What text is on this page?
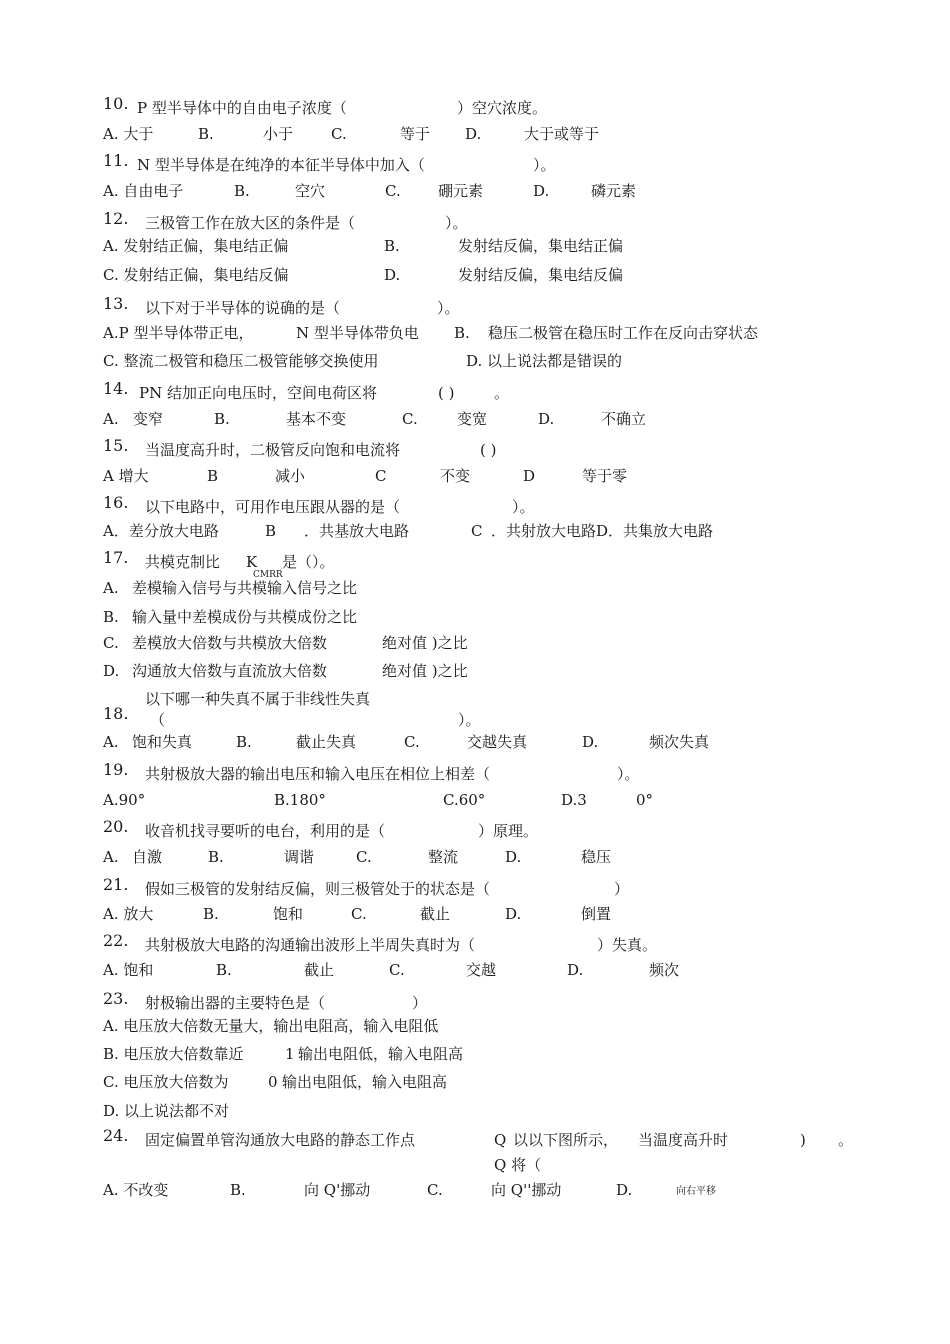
10. P 型半导体中的自由电子浓度（	）空穴浓度。
A. 大于	B.	小于	C.	等于 D.	大于或等于
11. N 型半导体是在纯净的本征半导体中加入（	）。
A. 自由电子	B.	空穴	C. 硼元素	D.	磷元素
12. 三极管工作在放大区的条件是（	）。
A. 发射结正偏，集电结正偏	B.	发射结反偏，集电结正偏
C. 发射结正偏，集电结反偏	D.	发射结反偏，集电结反偏
13. 以下对于半导体的说确的是（	）。
A.P 型半导体带正电，	N 型半导体带负电 B. 稳压二极管在稳压时工作在反向击穿状态
C. 整流二极管和稳压二极管能够交换使用	D. 以上说法都是错误的
14. PN 结加正向电压时，空间电荷区将	( )	。
A. 变窄	B.	基本不变	C.	变宽	D.	不确立
15. 当温度高升时，二极管反向饱和电流将	( )
A 增大	B	减小	C	不变	D	等于零
16. 以下电路中，可用作电压跟从器的是（	）。
A．差分放大电路	B ．共基放大电路	C ．共射放大电路D．共集放大电路
17. 共模克制比 K
CMRR
是（）。
A. 差模输入信号与共模输入信号之比
B. 输入量中差模成份与共模成份之比
C. 差模放大倍数与共模放大倍数	绝对值 )之比
D. 沟通放大倍数与直流放大倍数	绝对值 )之比
18.
以下哪一种失真不属于非线性失真
（	）。
A. 饱和失真	B.	截止失真	C.	交越失真	D.	频次失真
19. 共射极放大器的输出电压和输入电压在相位上相差（	）。
A.90°	B.180°	C.60°	D.3	0°
20. 收音机找寻要听的电台，利用的是（	）原理。
A. 自激	B.	调谐	C.	整流	D.	稳压
21. 假如三极管的发射结反偏，则三极管处于的状态是（	）
A. 放大	B.	饱和	C.	截止	D.	倒置
22. 共射极放大电路的沟通输出波形上半周失真时为（	）失真。
A. 饱和	B.	截止	C.	交越	D.	频次
23. 射极输出器的主要特色是（	）
A. 电压放大倍数无量大，输出电阻高，输入电阻低
B. 电压放大倍数靠近	1 输出电阻低，输入电阻高
C. 电压放大倍数为	0 输出电阻低，输入电阻高
D. 以上说法都不对
24. 固定偏置单管沟通放大电路的静态工作点	Q 以以下图所示， 当温度高升时	) 。
Q 将（
A. 不改变	B.	向 Q'挪动	C.	向 Q''挪动	D.	向右平移
